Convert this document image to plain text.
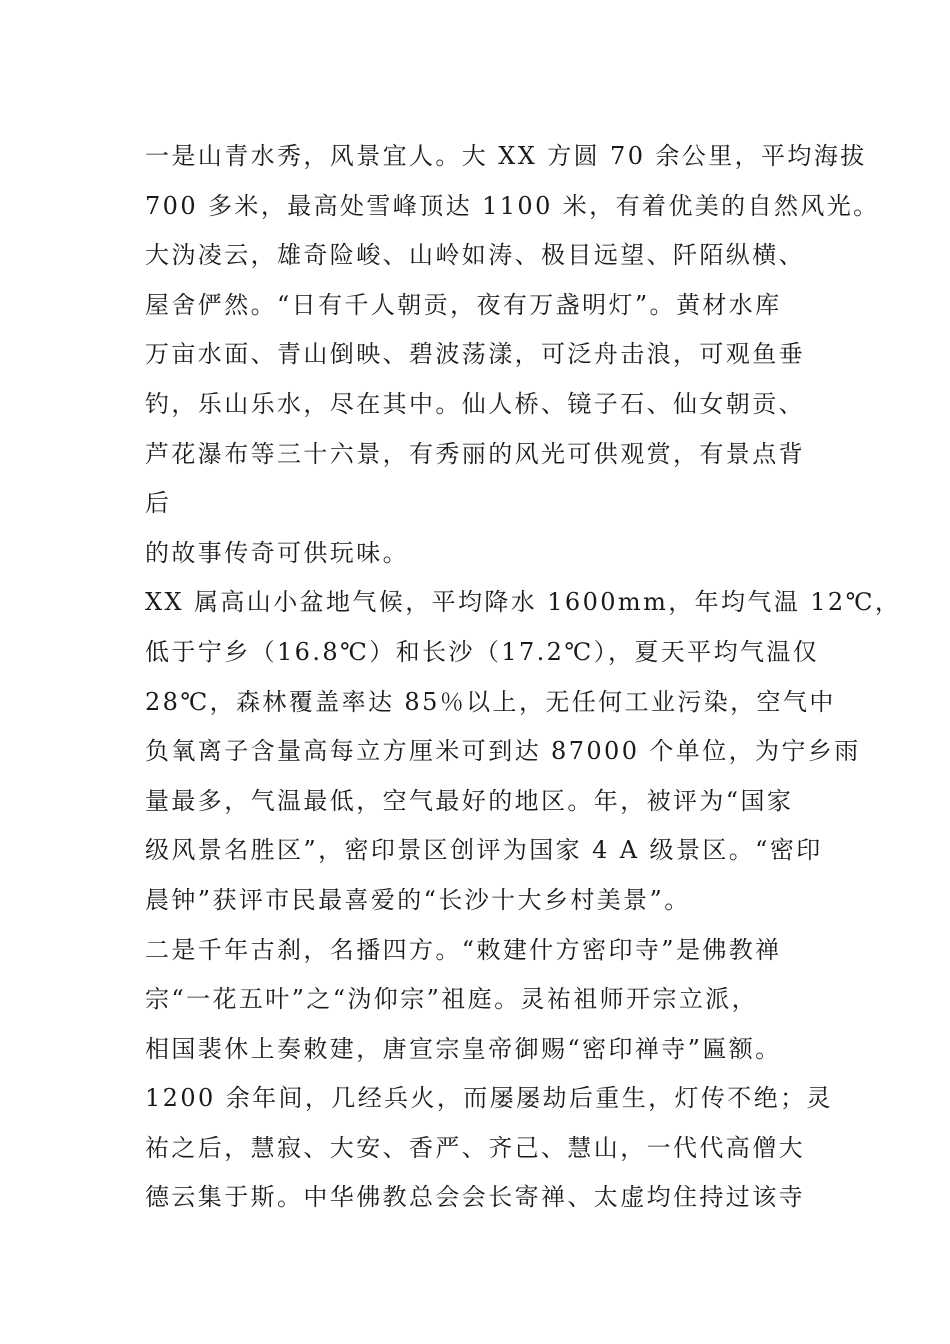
一是山青水秀，风景宜人。大 XX 方圆 70 余公里，平均海拔
700 多米，最高处雪峰顶达 1100 米，有着优美的自然风光。
大沩凌云，雄奇险峻、山岭如涛、极目远望、阡陌纵横、
屋舍俨然。“日有千人朝贡，夜有万盏明灯”。黄材水库
万亩水面、青山倒映、碧波荡漾，可泛舟击浪，可观鱼垂
钓，乐山乐水，尽在其中。仙人桥、镜子石、仙女朝贡、
芦花瀑布等三十六景，有秀丽的风光可供观赏，有景点背
后
的故事传奇可供玩味。
XX 属高山小盆地气候，平均降水 1600mm，年均气温 12℃，
低于宁乡（16.8℃）和长沙（17.2℃），夏天平均气温仅
28℃，森林覆盖率达 85％以上，无任何工业污染，空气中
负氧离子含量高每立方厘米可到达 87000 个单位，为宁乡雨
量最多，气温最低，空气最好的地区。年，被评为“国家
级风景名胜区”，密印景区创评为国家 4 A 级景区。“密印
晨钟”获评市民最喜爱的“长沙十大乡村美景”。
二是千年古刹，名播四方。“敕建什方密印寺”是佛教禅
宗“一花五叶”之“沩仰宗”祖庭。灵祐祖师开宗立派，
相国裴休上奏敕建，唐宣宗皇帝御赐“密印禅寺”匾额。
1200 余年间，几经兵火，而屡屡劫后重生，灯传不绝；灵
祐之后，慧寂、大安、香严、齐己、慧山，一代代高僧大
德云集于斯。中华佛教总会会长寄禅、太虚均住持过该寺
